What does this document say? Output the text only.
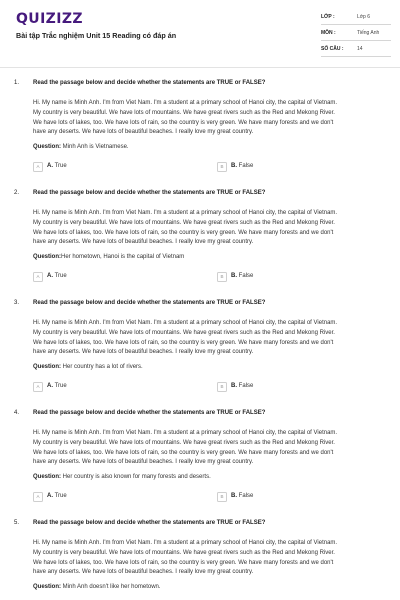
QUIZIZZ
Bài tập Trắc nghiệm Unit 15 Reading có đáp án
LỚP :	Lớp 6
MÔN :	Tiếng Anh
SỐ CÂU :	14
1. Read the passage below and decide whether the statements are TRUE or FALSE?
Hi. My name is Minh Anh. I'm from Viet Nam. I'm a student at a primary school of Hanoi city, the capital of Vietnam.
My country is very beautiful. We have lots of mountains. We have great rivers such as the Red and Mekong River.
We have lots of lakes, too. We have lots of rain, so the country is very green. We have many forests and we don't
have any deserts. We have lots of beautiful beaches. I really love my great country.
Question: Minh Anh is Vietnamese.
A	A. True	B	B. False
2. Read the passage below and decide whether the statements are TRUE or FALSE?
Hi. My name is Minh Anh. I'm from Viet Nam. I'm a student at a primary school of Hanoi city, the capital of Vietnam.
My country is very beautiful. We have lots of mountains. We have great rivers such as the Red and Mekong River.
We have lots of lakes, too. We have lots of rain, so the country is very green. We have many forests and we don't
have any deserts. We have lots of beautiful beaches. I really love my great country.
Question:Her hometown, Hanoi is the capital of Vietnam
A	A. True	B	B. False
3. Read the passage below and decide whether the statements are TRUE or FALSE?
Hi. My name is Minh Anh. I'm from Viet Nam. I'm a student at a primary school of Hanoi city, the capital of Vietnam.
My country is very beautiful. We have lots of mountains. We have great rivers such as the Red and Mekong River.
We have lots of lakes, too. We have lots of rain, so the country is very green. We have many forests and we don't
have any deserts. We have lots of beautiful beaches. I really love my great country.
Question: Her country has a lot of rivers.
A	A. True	B	B. False
4. Read the passage below and decide whether the statements are TRUE or FALSE?
Hi. My name is Minh Anh. I'm from Viet Nam. I'm a student at a primary school of Hanoi city, the capital of Vietnam.
My country is very beautiful. We have lots of mountains. We have great rivers such as the Red and Mekong River.
We have lots of lakes, too. We have lots of rain, so the country is very green. We have many forests and we don't
have any deserts. We have lots of beautiful beaches. I really love my great country.
Question: Her country is also known for many forests and deserts.
A	A. True	B	B. False
5. Read the passage below and decide whether the statements are TRUE or FALSE?
Hi. My name is Minh Anh. I'm from Viet Nam. I'm a student at a primary school of Hanoi city, the capital of Vietnam.
My country is very beautiful. We have lots of mountains. We have great rivers such as the Red and Mekong River.
We have lots of lakes, too. We have lots of rain, so the country is very green. We have many forests and we don't
have any deserts. We have lots of beautiful beaches. I really love my great country.
Question: Minh Anh doesn't like her hometown.
